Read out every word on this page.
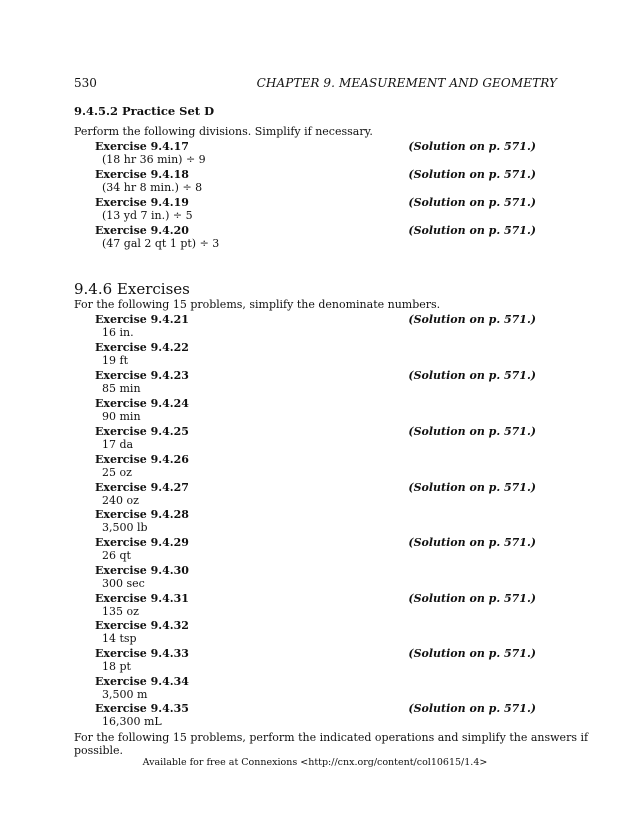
530	CHAPTER 9. MEASUREMENT AND GEOMETRY
9.4.5.2 Practice Set D
Perform the following divisions. Simplify if necessary.
Exercise 9.4.17	(Solution on p. 571.)
(18 hr 36 min) ÷ 9
Exercise 9.4.18	(Solution on p. 571.)
(34 hr 8 min.) ÷ 8
Exercise 9.4.19	(Solution on p. 571.)
(13 yd 7 in.) ÷ 5
Exercise 9.4.20	(Solution on p. 571.)
(47 gal 2 qt 1 pt) ÷ 3
9.4.6 Exercises
For the following 15 problems, simplify the denominate numbers.
Exercise 9.4.21	(Solution on p. 571.)
16 in.
Exercise 9.4.22
19 ft
Exercise 9.4.23	(Solution on p. 571.)
85 min
Exercise 9.4.24
90 min
Exercise 9.4.25	(Solution on p. 571.)
17 da
Exercise 9.4.26
25 oz
Exercise 9.4.27	(Solution on p. 571.)
240 oz
Exercise 9.4.28
3,500 lb
Exercise 9.4.29	(Solution on p. 571.)
26 qt
Exercise 9.4.30
300 sec
Exercise 9.4.31	(Solution on p. 571.)
135 oz
Exercise 9.4.32
14 tsp
Exercise 9.4.33	(Solution on p. 571.)
18 pt
Exercise 9.4.34
3,500 m
Exercise 9.4.35	(Solution on p. 571.)
16,300 mL
For the following 15 problems, perform the indicated operations and simplify the answers if possible.
Available for free at Connexions <http://cnx.org/content/col10615/1.4>
